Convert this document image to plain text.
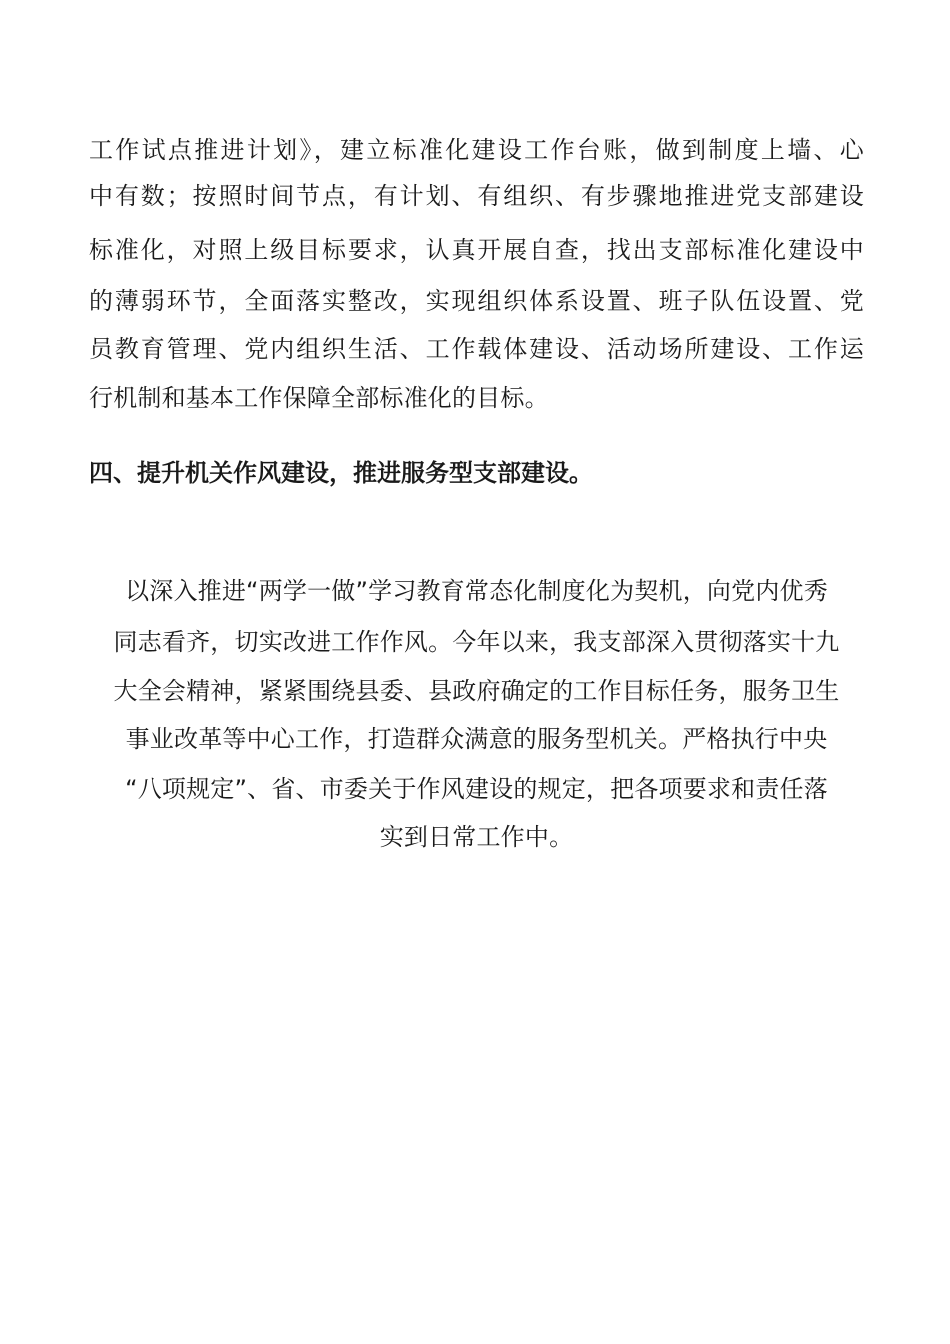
工作试点推进计划》，建立标准化建设工作台账，做到制度上墙、心
中有数；按照时间节点，有计划、有组织、有步骤地推进党支部建设
标准化，对照上级目标要求，认真开展自查，找出支部标准化建设中
的薄弱环节，全面落实整改，实现组织体系设置、班子队伍设置、党
员教育管理、党内组织生活、工作载体建设、活动场所建设、工作运
行机制和基本工作保障全部标准化的目标。
四、提升机关作风建设，推进服务型支部建设。
以深入推进“两学一做”学习教育常态化制度化为契机，向党内优秀
同志看齐，切实改进工作作风。今年以来，我支部深入贯彻落实十九
大全会精神，紧紧围绕县委、县政府确定的工作目标任务，服务卫生
事业改革等中心工作，打造群众满意的服务型机关。严格执行中央
“八项规定”、省、市委关于作风建设的规定，把各项要求和责任落
实到日常工作中。
